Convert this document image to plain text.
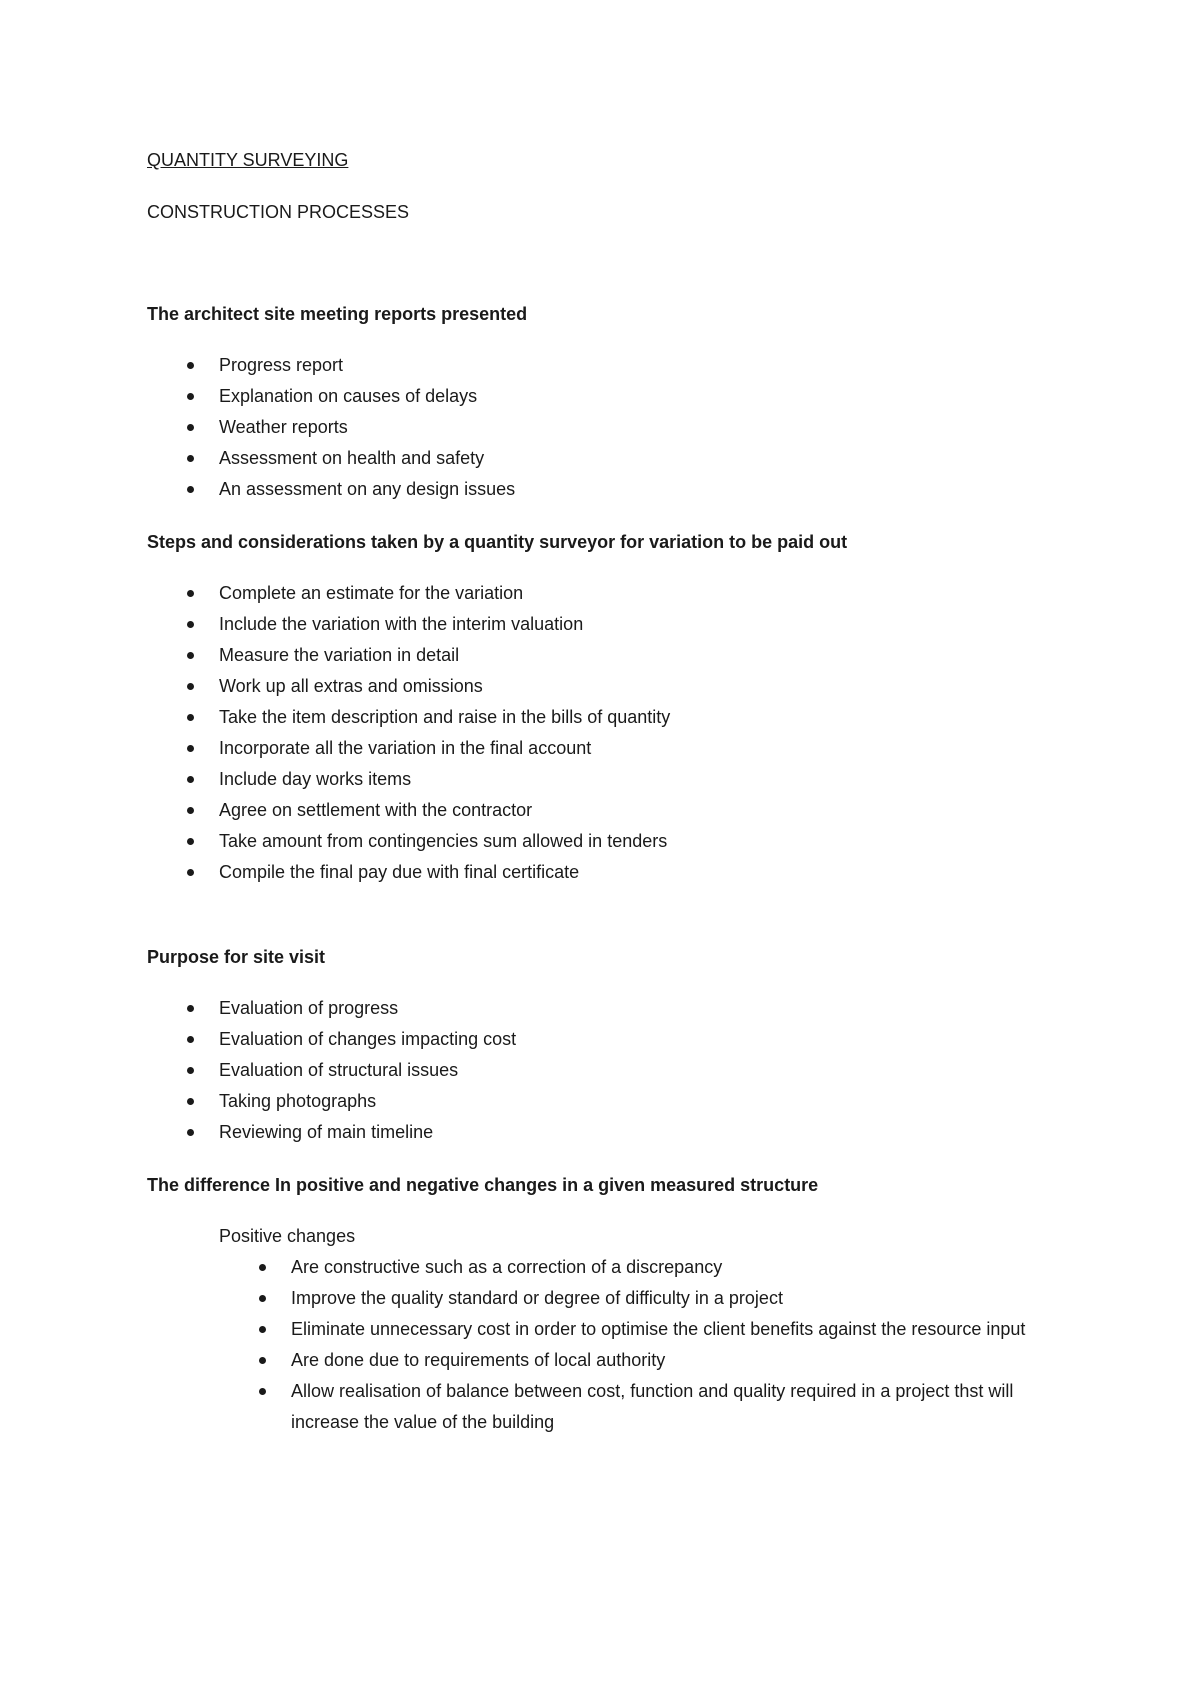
QUANTITY SURVEYING
CONSTRUCTION PROCESSES
The architect site meeting reports presented
Progress report
Explanation on causes of delays
Weather reports
Assessment on health and safety
An assessment on any design issues
Steps and considerations taken by a quantity surveyor for variation to be paid out
Complete an estimate for the variation
Include the variation with the interim valuation
Measure the variation in detail
Work up all extras and omissions
Take the item description and raise in the bills of quantity
Incorporate all the variation in the final account
Include day works items
Agree on settlement with the contractor
Take amount from contingencies sum allowed in tenders
Compile the final pay due with final certificate
Purpose for site visit
Evaluation of progress
Evaluation of changes impacting cost
Evaluation of structural issues
Taking photographs
Reviewing of main timeline
The difference In positive and negative changes in a given measured structure
Positive changes
Are constructive such as a correction of a discrepancy
Improve the quality standard or degree of difficulty in a project
Eliminate unnecessary cost in order to optimise the client benefits against the resource input
Are done due to requirements of local authority
Allow realisation of balance between cost, function and quality required in a project thst will increase the value of the building
